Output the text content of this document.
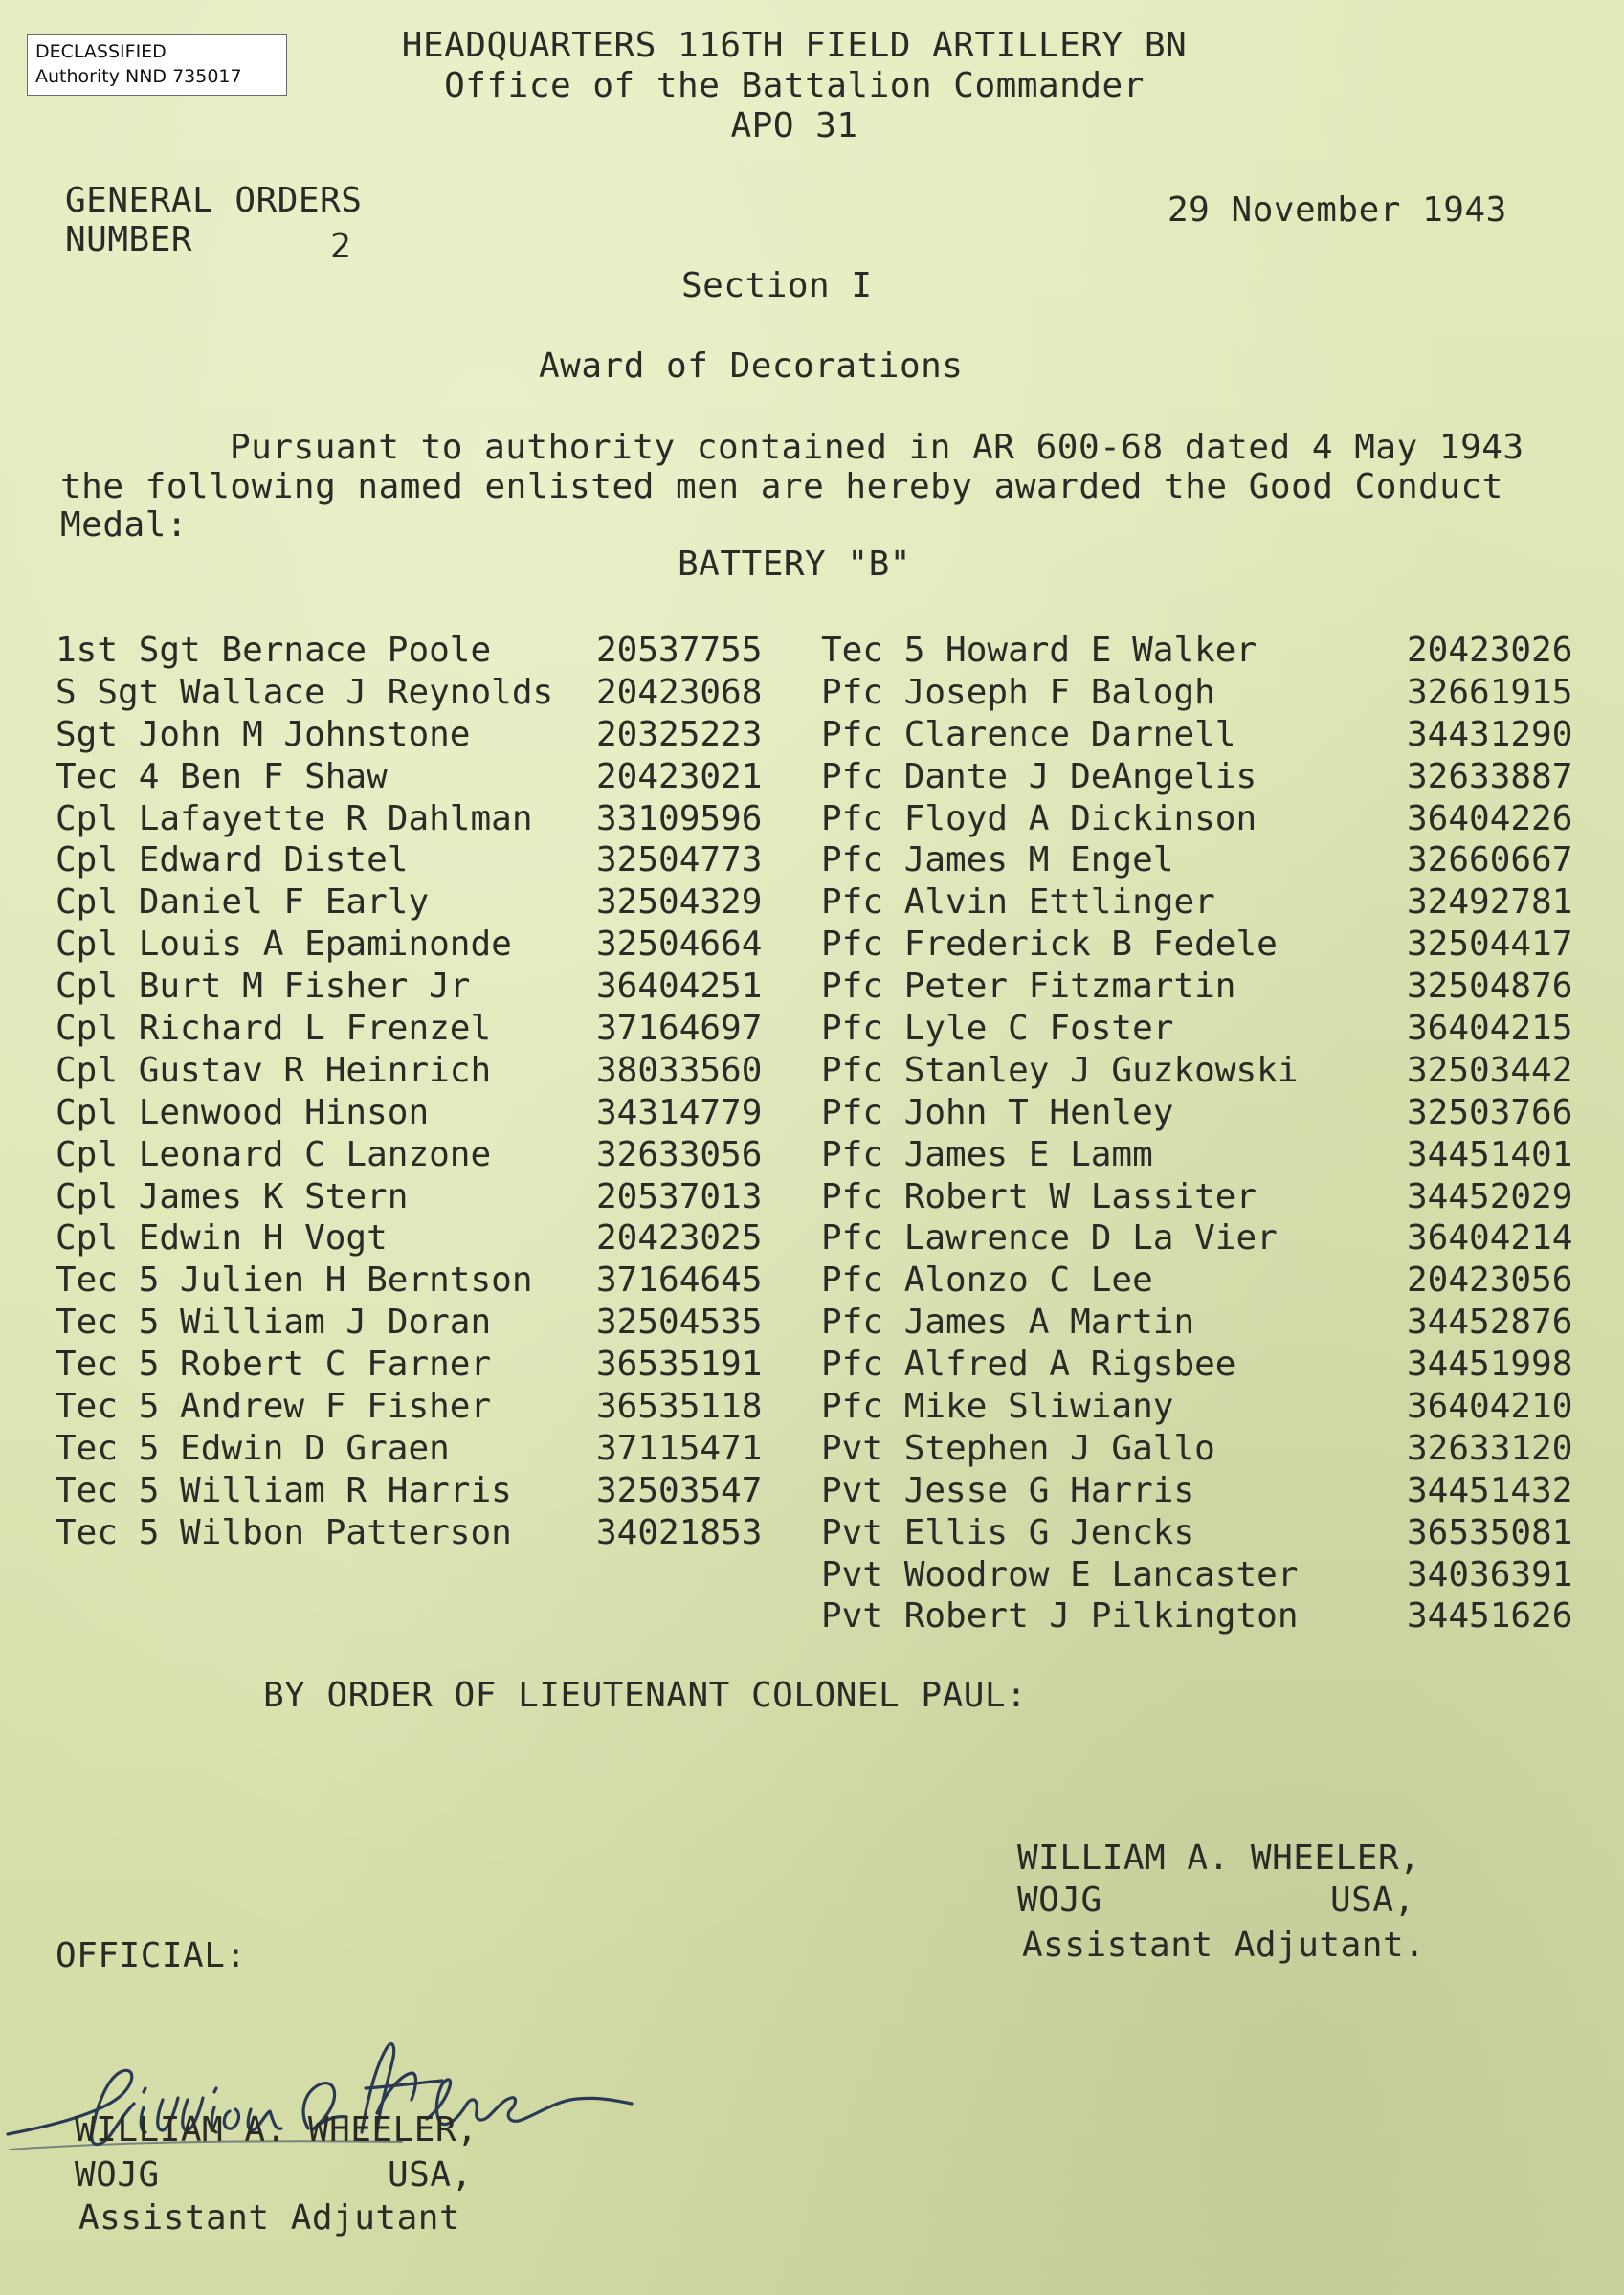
DECLASSIFIED
Authority NND 735017
HEADQUARTERS 116TH FIELD ARTILLERY BN
Office of the Battalion Commander
APO 31
GENERAL ORDERS
NUMBER	2
29 November 1943
Section I
Award of Decorations
Pursuant to authority contained in AR 600-68 dated 4 May 1943
the following named enlisted men are hereby awarded the Good Conduct
Medal:
BATTERY "B"
1st Sgt Bernace Poole	20537755
S Sgt Wallace J Reynolds 20423068
Sgt John M Johnstone	20325223
Tec 4 Ben F Shaw	20423021
Cpl Lafayette R Dahlman 33109596
Cpl Edward Distel	32504773
Cpl Daniel F Early	32504329
Cpl Louis A Epaminonde 32504664
Cpl Burt M Fisher Jr	36404251
Cpl Richard L Frenzel	37164697
Cpl Gustav R Heinrich	38033560
Cpl Lenwood Hinson	34314779
Cpl Leonard C Lanzone	32633056
Cpl James K Stern	20537013
Cpl Edwin H Vogt	20423025
Tec 5 Julien H Berntson 37164645
Tec 5 William J Doran	32504535
Tec 5 Robert C Farner	36535191
Tec 5 Andrew F Fisher	36535118
Tec 5 Edwin D Graen	37115471
Tec 5 William R Harris 32503547
Tec 5 Wilbon Patterson 34021853
Tec 5 Howard E Walker	20423026
Pfc Joseph F Balogh	32661915
Pfc Clarence Darnell	34431290
Pfc Dante J DeAngelis	32633887
Pfc Floyd A Dickinson	36404226
Pfc James M Engel	32660667
Pfc Alvin Ettlinger	32492781
Pfc Frederick B Fedele	32504417
Pfc Peter Fitzmartin	32504876
Pfc Lyle C Foster	36404215
Pfc Stanley J Guzkowski	32503442
Pfc John T Henley	32503766
Pfc James E Lamm	34451401
Pfc Robert W Lassiter	34452029
Pfc Lawrence D La Vier	36404214
Pfc Alonzo C Lee	20423056
Pfc James A Martin	34452876
Pfc Alfred A Rigsbee	34451998
Pfc Mike Sliwiany	36404210
Pvt Stephen J Gallo	32633120
Pvt Jesse G Harris	34451432
Pvt Ellis G Jencks	36535081
Pvt Woodrow E Lancaster	34036391
Pvt Robert J Pilkington	34451626
BY ORDER OF LIEUTENANT COLONEL PAUL:
WILLIAM A. WHEELER,
WOJG	USA,
Assistant Adjutant.
OFFICIAL:
WILLIAM A. WHEELER,
WOJG	USA,
Assistant Adjutant
